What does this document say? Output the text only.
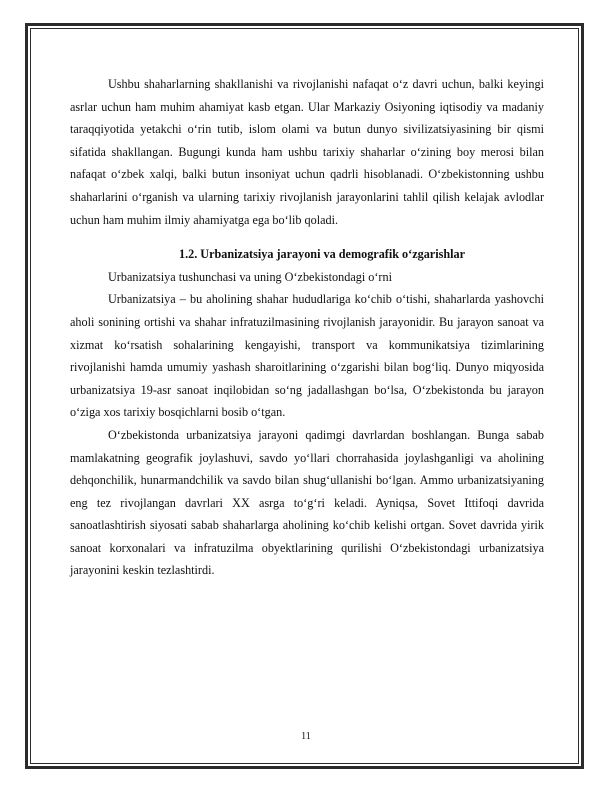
Ushbu shaharlarning shakllanishi va rivojlanishi nafaqat o‘z davri uchun, balki keyingi asrlar uchun ham muhim ahamiyat kasb etgan. Ular Markaziy Osiyoning iqtisodiy va madaniy taraqqiyotida yetakchi o‘rin tutib, islom olami va butun dunyo sivilizatsiyasining bir qismi sifatida shakllangan. Bugungi kunda ham ushbu tarixiy shaharlar o‘zining boy merosi bilan nafaqat o‘zbek xalqi, balki butun insoniyat uchun qadrli hisoblanadi. O‘zbekistonning ushbu shaharlarini o‘rganish va ularning tarixiy rivojlanish jarayonlarini tahlil qilish kelajak avlodlar uchun ham muhim ilmiy ahamiyatga ega bo‘lib qoladi.

1.2. Urbanizatsiya jarayoni va demografik o‘zgarishlar

Urbanizatsiya tushunchasi va uning O‘zbekistondagi o‘rni

Urbanizatsiya – bu aholining shahar hududlariga ko‘chib o‘tishi, shaharlarda yashovchi aholi sonining ortishi va shahar infratuzilmasining rivojlanish jarayonidir. Bu jarayon sanoat va xizmat ko‘rsatish sohalarining kengayishi, transport va kommunikatsiya tizimlarining rivojlanishi hamda umumiy yashash sharoitlarining o‘zgarishi bilan bog‘liq. Dunyo miqyosida urbanizatsiya 19-asr sanoat inqilobidan so‘ng jadallashgan bo‘lsa, O‘zbekistonda bu jarayon o‘ziga xos tarixiy bosqichlarni bosib o‘tgan.

O‘zbekistonda urbanizatsiya jarayoni qadimgi davrlardan boshlangan. Bunga sabab mamlakatning geografik joylashuvi, savdo yo‘llari chorrahasida joylashganligi va aholining dehqonchilik, hunarmandchilik va savdo bilan shug‘ullanishi bo‘lgan. Ammo urbanizatsiyaning eng tez rivojlangan davrlari XX asrga to‘g‘ri keladi. Ayniqsa, Sovet Ittifoqi davrida sanoatlashtirish siyosati sabab shaharlarga aholining ko‘chib kelishi ortgan. Sovet davrida yirik sanoat korxonalari va infratuzilma obyektlarining qurilishi O‘zbekistondagi urbanizatsiya jarayonini keskin tezlashtirdi.

11
